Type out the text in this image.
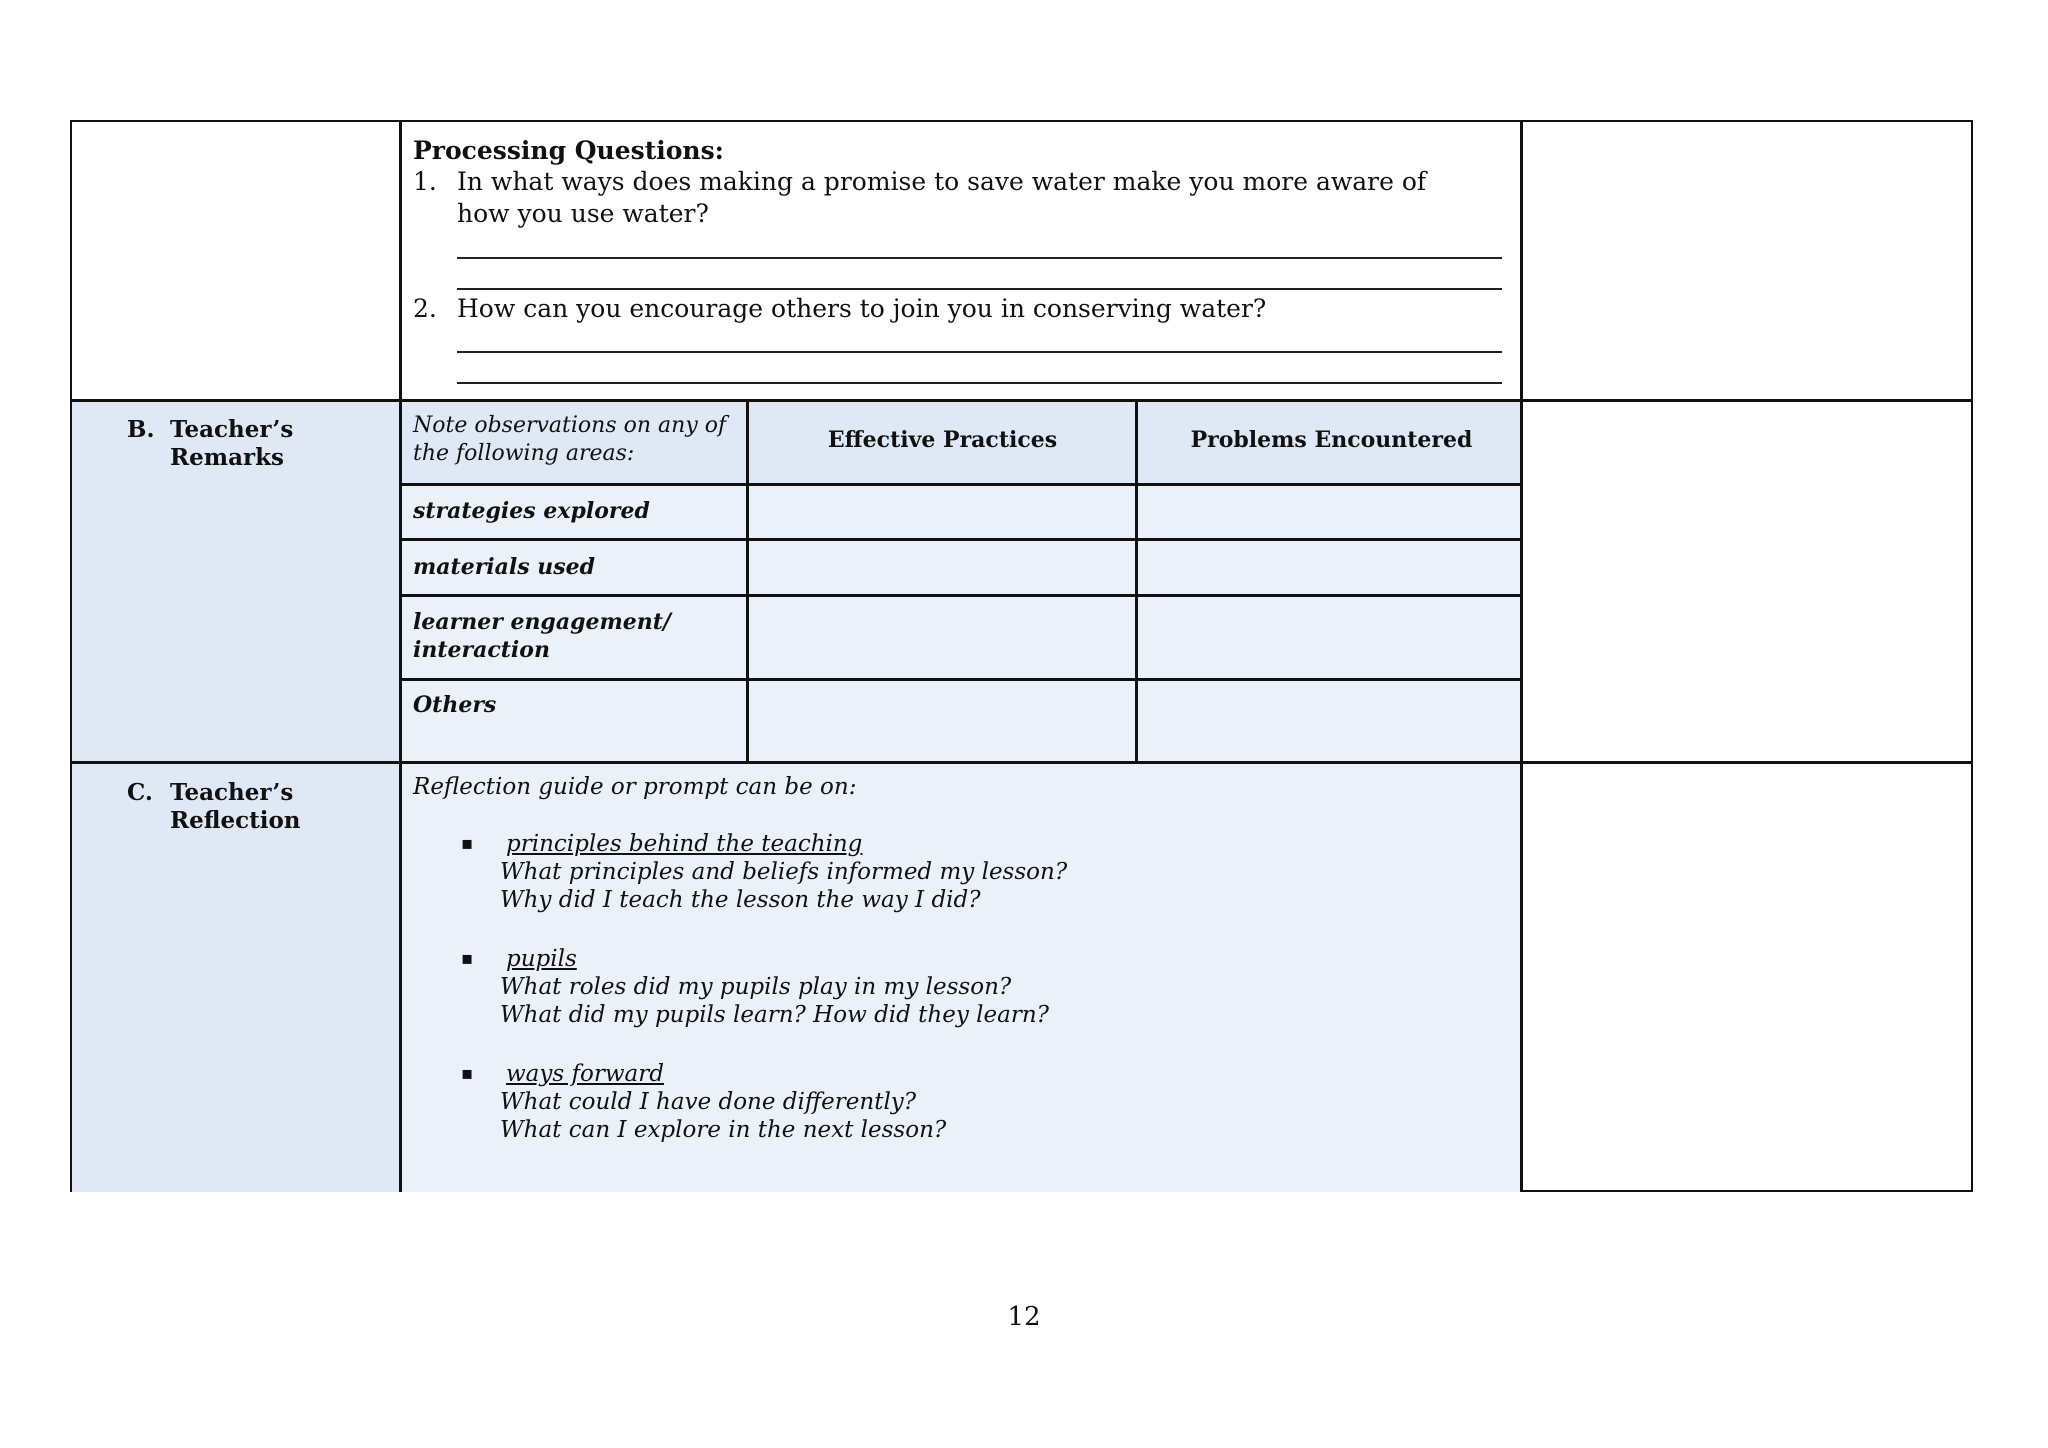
Processing Questions:
1. In what ways does making a promise to save water make you more aware of how you use water?
2. How can you encourage others to join you in conserving water?
B. Teacher’s Remarks
Note observations on any of the following areas:
Effective Practices	Problems Encountered
strategies explored
materials used
learner engagement/ interaction
Others
C. Teacher’s Reflection
Reflection guide or prompt can be on:
▪ principles behind the teaching
What principles and beliefs informed my lesson?
Why did I teach the lesson the way I did?
▪ pupils
What roles did my pupils play in my lesson?
What did my pupils learn? How did they learn?
▪ ways forward
What could I have done differently?
What can I explore in the next lesson?
12
